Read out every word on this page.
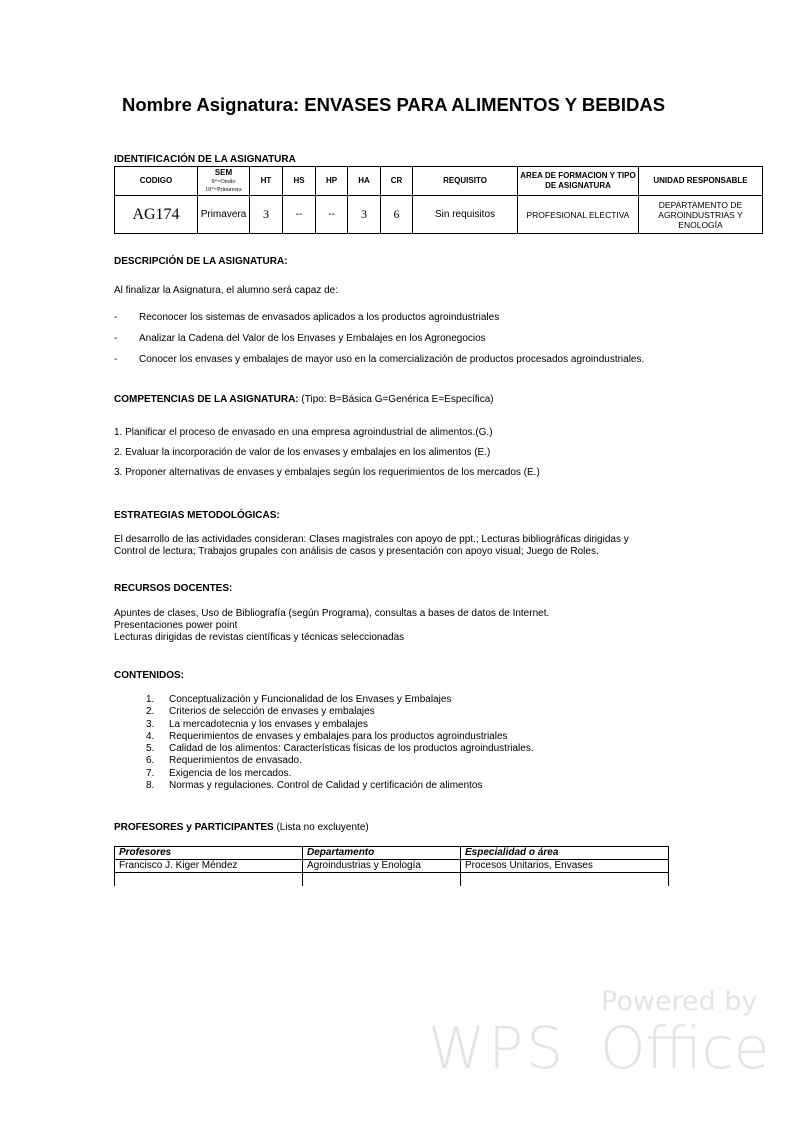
Nombre Asignatura: ENVASES PARA ALIMENTOS Y BEBIDAS
IDENTIFICACIÓN DE LA ASIGNATURA
CODIGO	SEM
9°=Otoño
10°=Primavera	HT	HS	HP	HA	CR	REQUISITO	AREA DE FORMACION Y TIPO DE ASIGNATURA	UNIDAD RESPONSABLE
AG174	Primavera	3	--	--	3	6	Sin requisitos	PROFESIONAL ELECTIVA	DEPARTAMENTO DE AGROINDUSTRIAS Y ENOLOGÍA
DESCRIPCIÓN DE LA ASIGNATURA:
Al finalizar la Asignatura, el alumno será capaz de:
- Reconocer los sistemas de envasados aplicados a los productos agroindustriales
- Analizar la Cadena del Valor de los Envases y Embalajes en los Agronegocios
- Conocer los envases y embalajes de mayor uso en la comercialización de productos procesados agroindustriales.
COMPETENCIAS DE LA ASIGNATURA: (Tipo: B=Básica G=Genérica E=Específica)
1. Planificar el proceso de envasado en una empresa agroindustrial de alimentos.(G.)
2. Evaluar la incorporación de valor de los envases y embalajes en los alimentos (E.)
3. Proponer alternativas de envases y embalajes según los requerimientos de los mercados (E.)
ESTRATEGIAS METODOLÓGICAS:
El desarrollo de las actividades consideran: Clases magistrales con apoyo de ppt.; Lecturas bibliográficas dirigidas y
Control de lectura; Trabajos grupales con análisis de casos y presentación con apoyo visual; Juego de Roles.
RECURSOS DOCENTES:
Apuntes de clases, Uso de Bibliografía (según Programa), consultas a bases de datos de Internet.
Presentaciones power point
Lecturas dirigidas de revistas científicas y técnicas seleccionadas
CONTENIDOS:
1. Conceptualización y Funcionalidad de los Envases y Embalajes
2. Criterios de selección de envases y embalajes
3. La mercadotecnia y los envases y embalajes
4. Requerimientos de envases y embalajes para los productos agroindustriales
5. Calidad de los alimentos: Características físicas de los productos agroindustriales.
6. Requerimientos de envasado.
7. Exigencia de los mercados.
8. Normas y regulaciones. Control de Calidad y certificación de alimentos
PROFESORES y PARTICIPANTES (Lista no excluyente)
Profesores	Departamento	Especialidad o área
Francisco J. Kiger Méndez	Agroindustrias y Enología	Procesos Unitarios, Envases

Powered by
WPS Office
